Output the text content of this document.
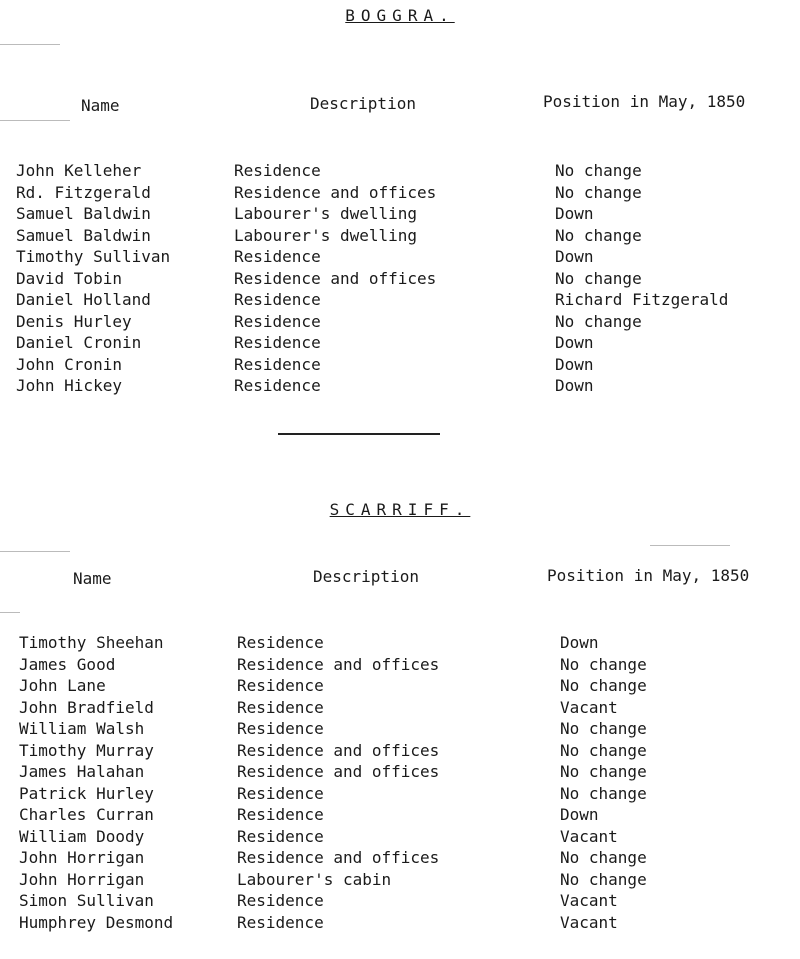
BOGGRA.
Name	Description	Position in May, 1850
John Kelleher	Residence	No change
Rd. Fitzgerald	Residence and offices	No change
Samuel Baldwin	Labourer's dwelling	Down
Samuel Baldwin	Labourer's dwelling	No change
Timothy Sullivan	Residence	Down
David Tobin	Residence and offices	No change
Daniel Holland	Residence	Richard Fitzgerald
Denis Hurley	Residence	No change
Daniel Cronin	Residence	Down
John Cronin	Residence	Down
John Hickey	Residence	Down
SCARRIFF.
Name	Description	Position in May, 1850
Timothy Sheehan	Residence	Down
James Good	Residence and offices	No change
John Lane	Residence	No change
John Bradfield	Residence	Vacant
William Walsh	Residence	No change
Timothy Murray	Residence and offices	No change
James Halahan	Residence and offices	No change
Patrick Hurley	Residence	No change
Charles Curran	Residence	Down
William Doody	Residence	Vacant
John Horrigan	Residence and offices	No change
John Horrigan	Labourer's cabin	No change
Simon Sullivan	Residence	Vacant
Humphrey Desmond	Residence	Vacant
